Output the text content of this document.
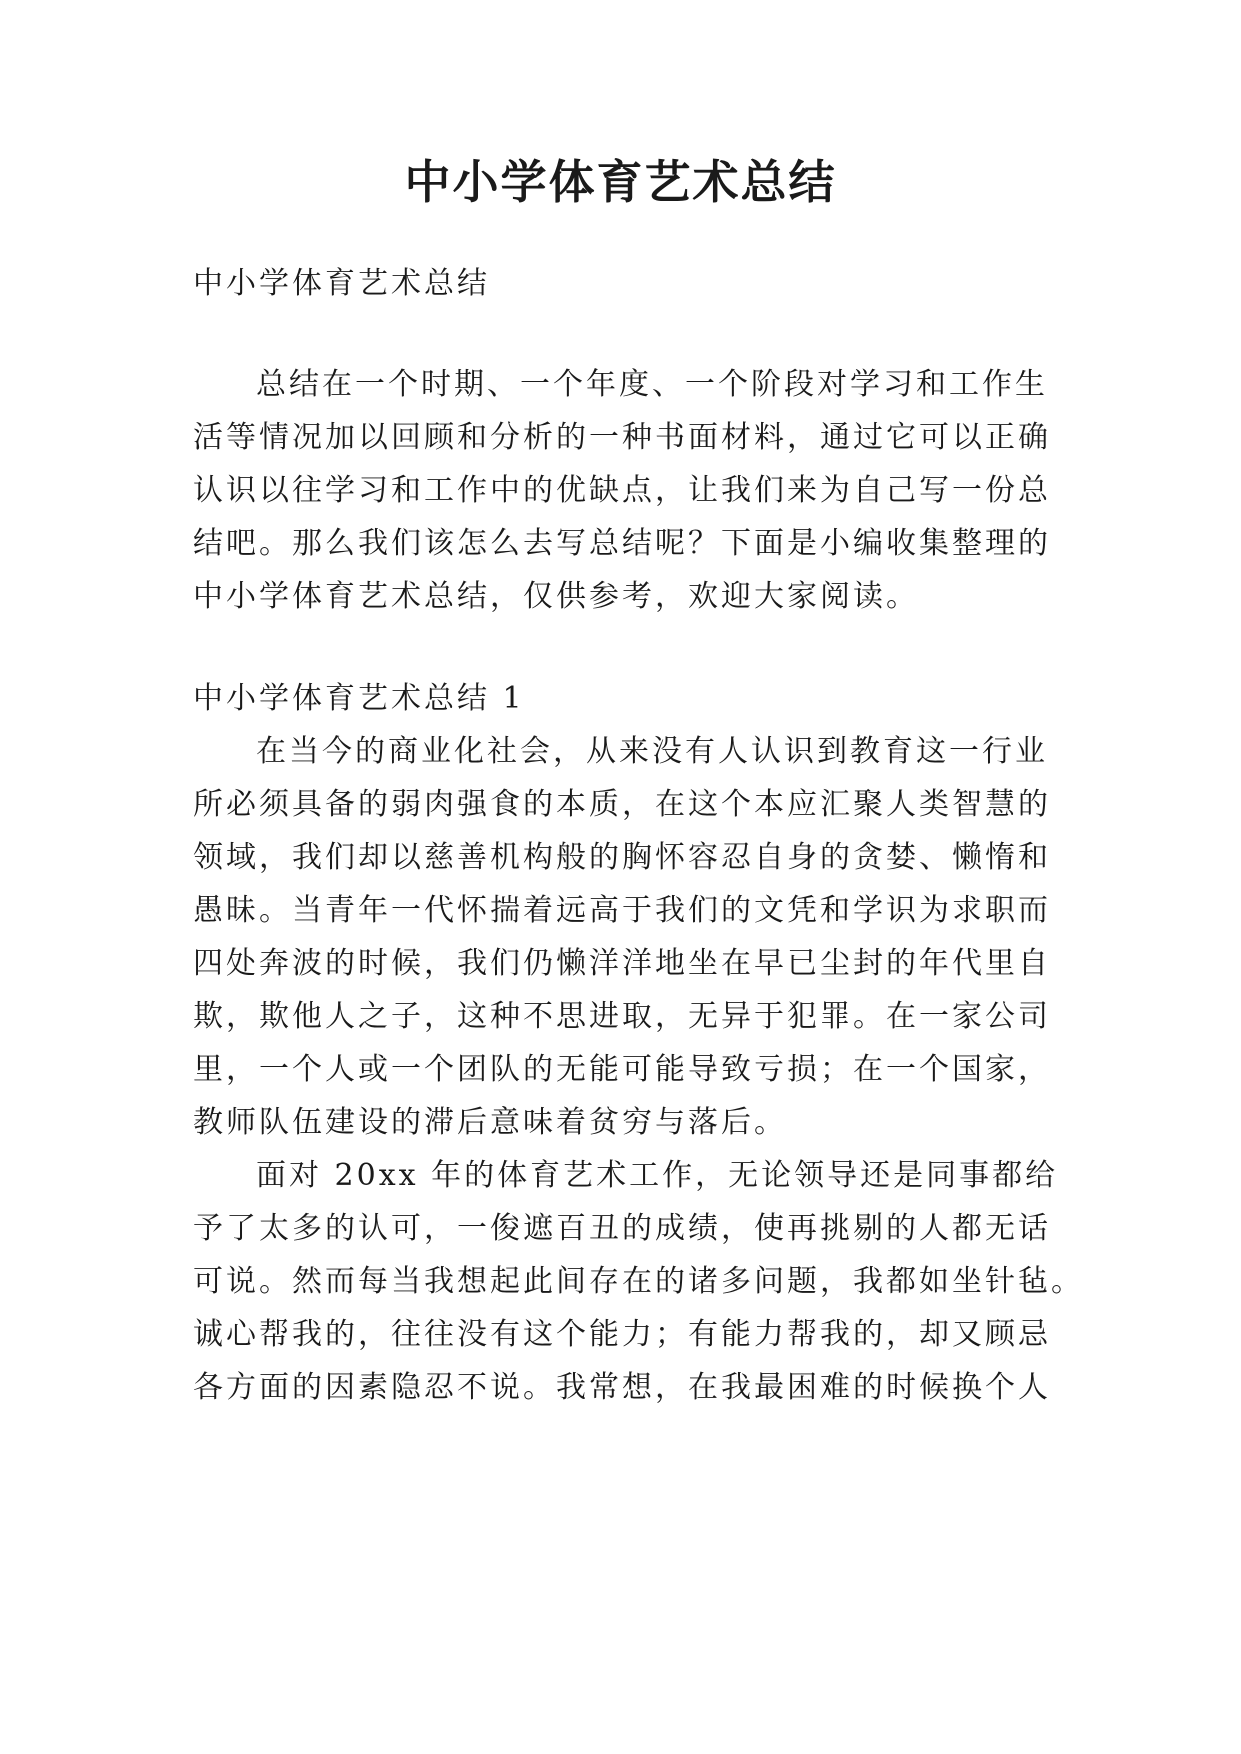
中小学体育艺术总结

中小学体育艺术总结

总结在一个时期、一个年度、一个阶段对学习和工作生

活等情况加以回顾和分析的一种书面材料，通过它可以正确

认识以往学习和工作中的优缺点，让我们来为自己写一份总

结吧。那么我们该怎么去写总结呢？下面是小编收集整理的

中小学体育艺术总结，仅供参考，欢迎大家阅读。

中小学体育艺术总结 1

在当今的商业化社会，从来没有人认识到教育这一行业

所必须具备的弱肉强食的本质，在这个本应汇聚人类智慧的

领域，我们却以慈善机构般的胸怀容忍自身的贪婪、懒惰和

愚昧。当青年一代怀揣着远高于我们的文凭和学识为求职而

四处奔波的时候，我们仍懒洋洋地坐在早已尘封的年代里自

欺，欺他人之子，这种不思进取，无异于犯罪。在一家公司

里，一个人或一个团队的无能可能导致亏损；在一个国家，

教师队伍建设的滞后意味着贫穷与落后。

面对 20xx 年的体育艺术工作，无论领导还是同事都给

予了太多的认可，一俊遮百丑的成绩，使再挑剔的人都无话

可说。然而每当我想起此间存在的诸多问题，我都如坐针毡。

诚心帮我的，往往没有这个能力；有能力帮我的，却又顾忌

各方面的因素隐忍不说。我常想，在我最困难的时候换个人
